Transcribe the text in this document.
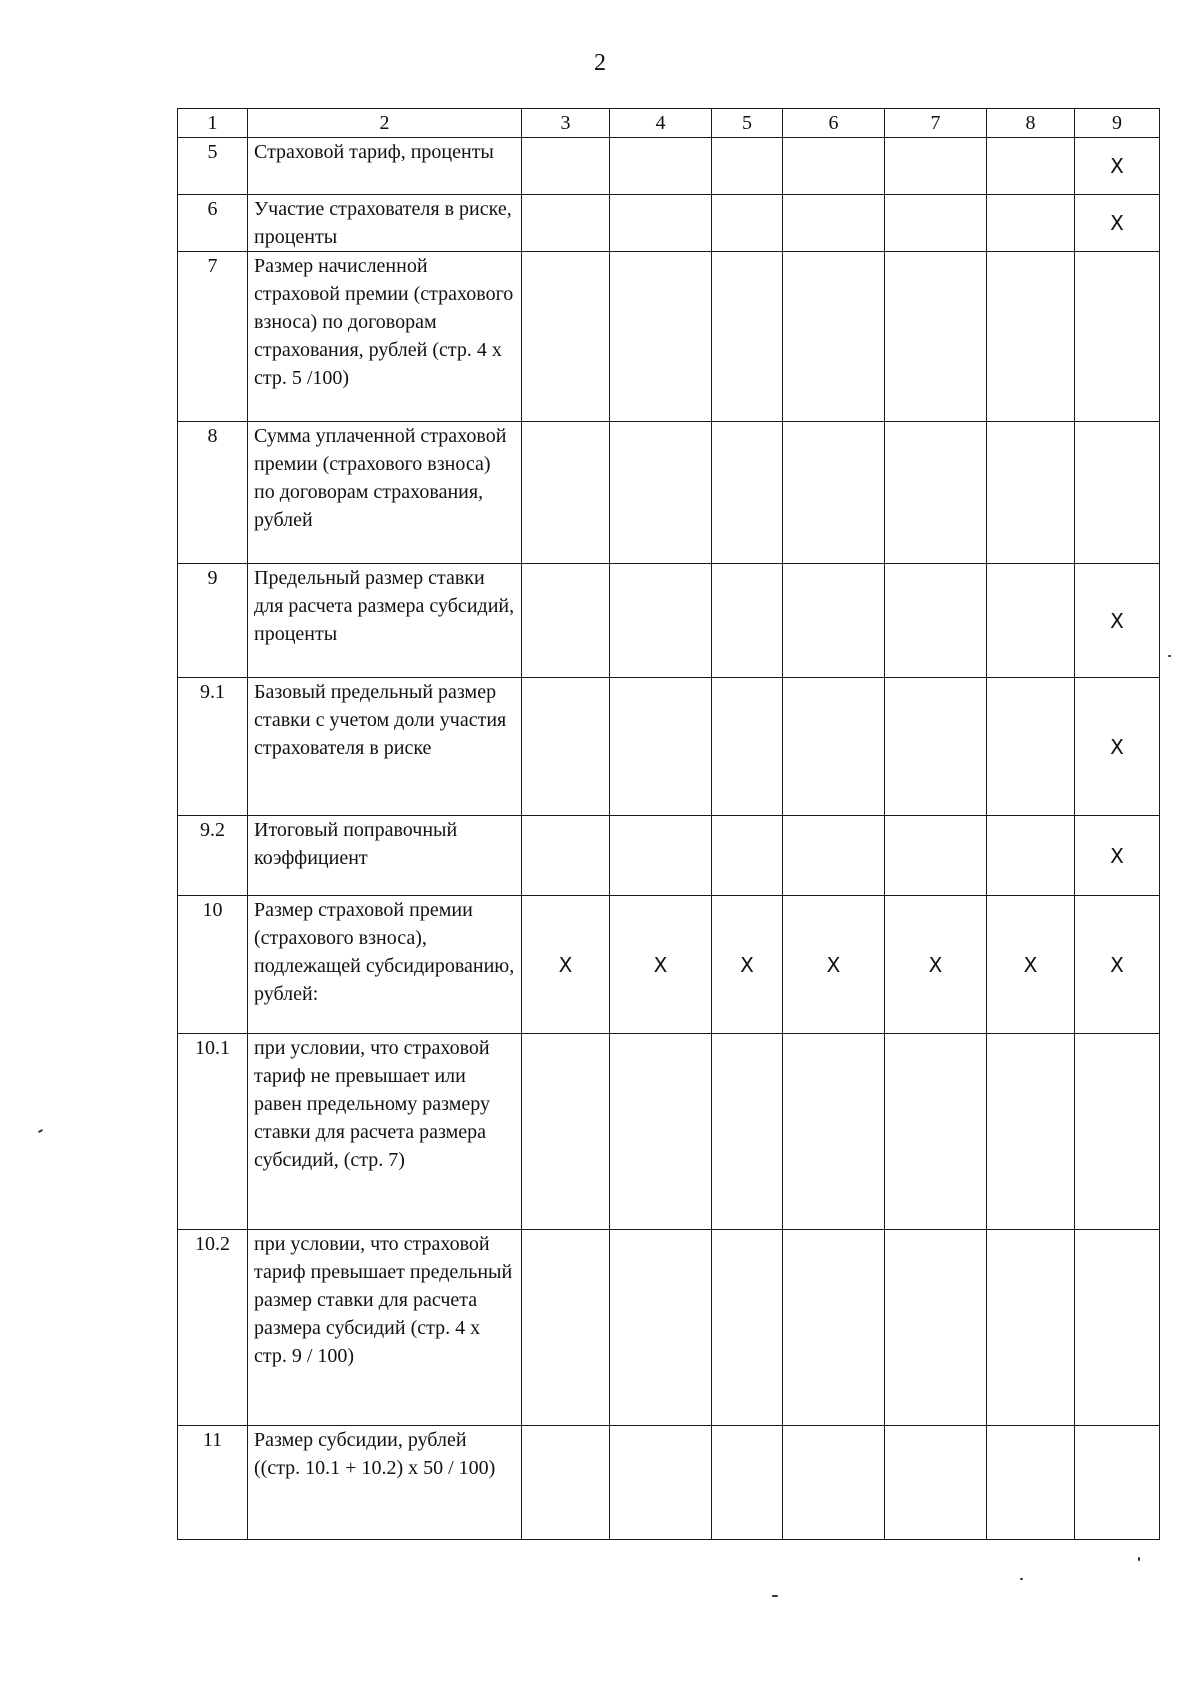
2
1	2	3	4	5	6	7	8	9
5	Страховой тариф, проценты							X
6	Участие страхователя в риске, проценты							X
7	Размер начисленной страховой премии (страхового взноса) по договорам страхования, рублей (стр. 4 х стр. 5 /100)							
8	Сумма уплаченной страховой премии (страхового взноса) по договорам страхования, рублей							
9	Предельный размер ставки для расчета размера субсидий, проценты							X
9.1	Базовый предельный размер ставки с учетом доли участия страхователя в риске							X
9.2	Итоговый поправочный коэффициент							X
10	Размер страховой премии (страхового взноса), подлежащей субсидированию, рублей:	X	X	X	X	X	X	X
10.1	при условии, что страховой тариф не превышает или равен предельному размеру ставки для расчета размера субсидий, (стр. 7)							
10.2	при условии, что страховой тариф превышает предельный размер ставки для расчета размера субсидий (стр. 4 х стр. 9 / 100)							
11	Размер субсидии, рублей ((стр. 10.1 + 10.2) х 50 / 100)							
